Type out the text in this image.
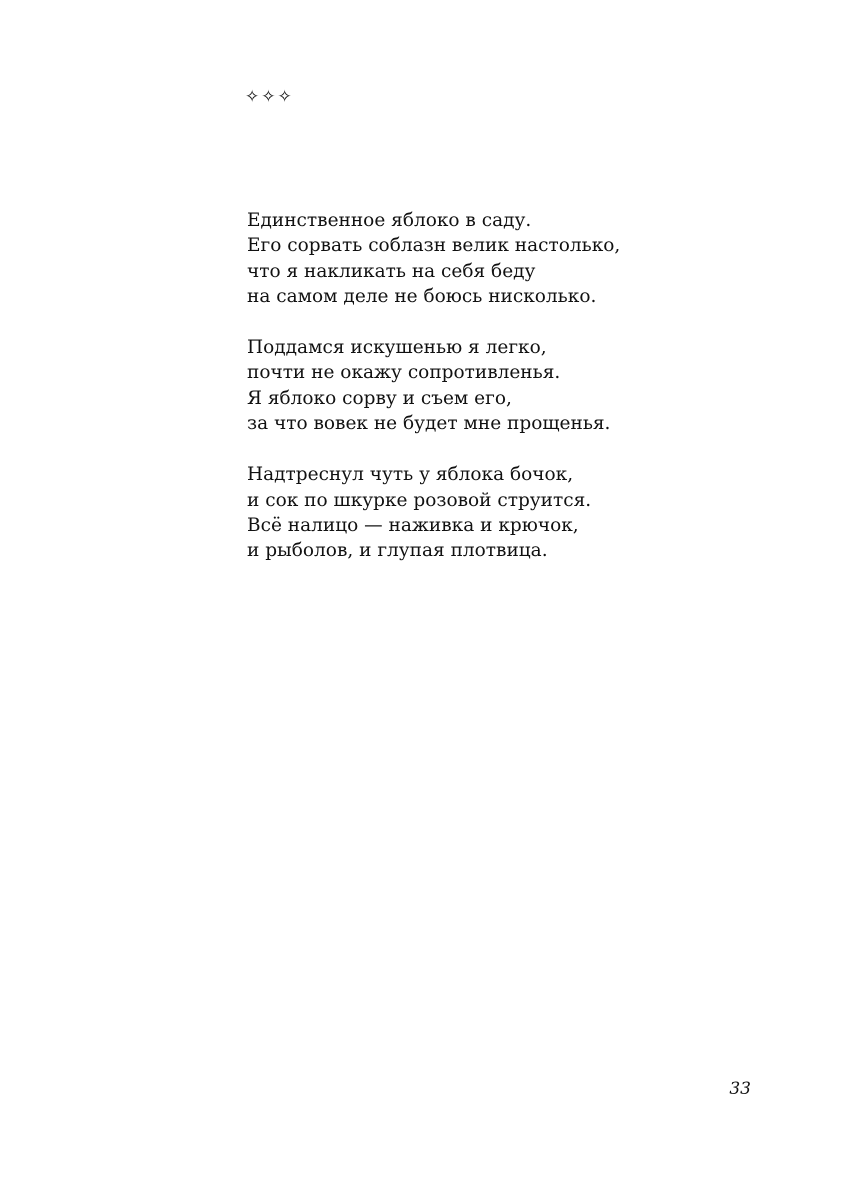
✧✧✧
Единственное яблоко в саду.
Его сорвать соблазн велик настолько,
что я накликать на себя беду
на самом деле не боюсь нисколько.
Поддамся искушенью я легко,
почти не окажу сопротивленья.
Я яблоко сорву и съем его,
за что вовек не будет мне прощенья.
Надтреснул чуть у яблока бочок,
и сок по шкурке розовой струится.
Всё налицо — наживка и крючок,
и рыболов, и глупая плотвица.
33
